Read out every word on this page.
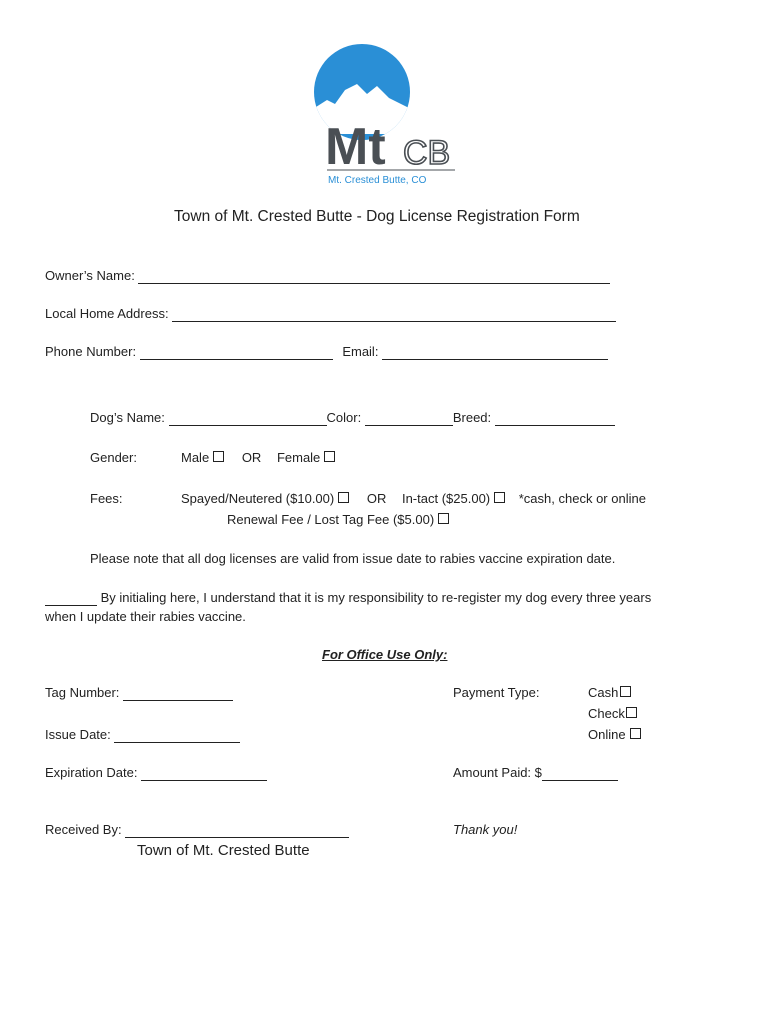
Mt CB
Mt. Crested Butte, CO
Town of Mt. Crested Butte - Dog License Registration Form
Owner’s Name:
Local Home Address:
Phone Number:	Email:
Dog’s Name:	Color:	Breed:
Gender:	Male	OR Female
Fees:	Spayed/Neutered ($10.00)	OR In-tact ($25.00) *cash, check or online
Renewal Fee / Lost Tag Fee ($5.00)
Please note that all dog licenses are valid from issue date to rabies vaccine expiration date.
By initialing here, I understand that it is my responsibility to re-register my dog every three years
when I update their rabies vaccine.
For Office Use Only:
Tag Number:	Payment Type:	Cash
Check
Online
Issue Date:
Expiration Date:	Amount Paid: $
Received By:	Thank you!
Town of Mt. Crested Butte
